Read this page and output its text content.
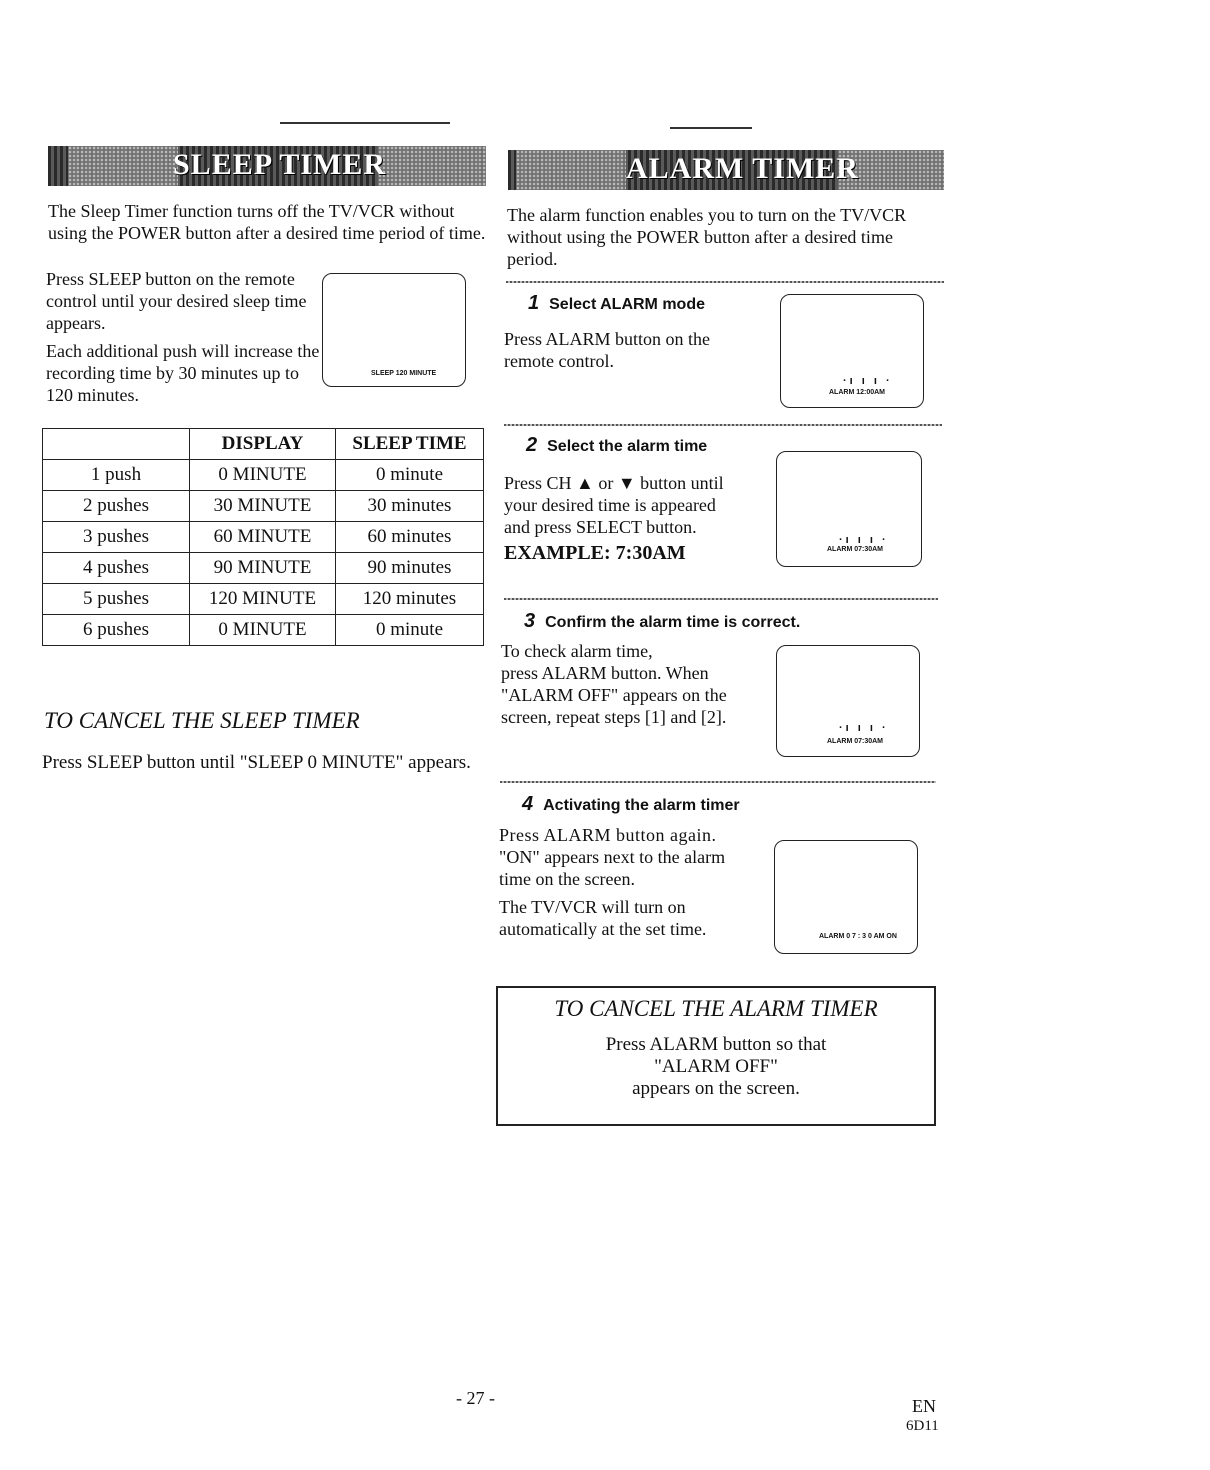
SLEEP TIMER
The Sleep Timer function turns off the TV/VCR without using the POWER button after a desired time period of time.
Press SLEEP button on the remote control until your desired sleep time appears.
Each additional push will increase the recording time by 30 minutes up to 120 minutes.
SLEEP 120 MINUTE
	DISPLAY	SLEEP TIME
1 push	0 MINUTE	0 minute
2 pushes	30 MINUTE	30 minutes
3 pushes	60 MINUTE	60 minutes
4 pushes	90 MINUTE	90 minutes
5 pushes	120 MINUTE	120 minutes
6 pushes	0 MINUTE	0 minute
TO CANCEL THE SLEEP TIMER
Press SLEEP button until "SLEEP 0 MINUTE" appears.
ALARM TIMER
The alarm function enables you to turn on the TV/VCR without using the POWER button after a desired time period.
1 Select ALARM mode
Press ALARM button on the
remote control.
·ı ı ı ·
ALARM 12:00AM
2 Select the alarm time
Press CH ▲ or ▼ button until
your desired time is appeared
and press SELECT button.
EXAMPLE: 7:30AM
·ı ı ı ·
ALARM 07:30AM
3 Confirm the alarm time is correct.
To check alarm time,
press ALARM button. When
"ALARM OFF" appears on the
screen, repeat steps [1] and [2].
·ı ı ı ·
ALARM 07:30AM
4 Activating the alarm timer
Press ALARM button again.
"ON" appears next to the alarm
time on the screen.
The TV/VCR will turn on
automatically at the set time.	ALARM 0 7 : 3 0 AM ON
TO CANCEL THE ALARM TIMER
Press ALARM button so that
"ALARM OFF"
appears on the screen.
- 27 -	EN
6D11
